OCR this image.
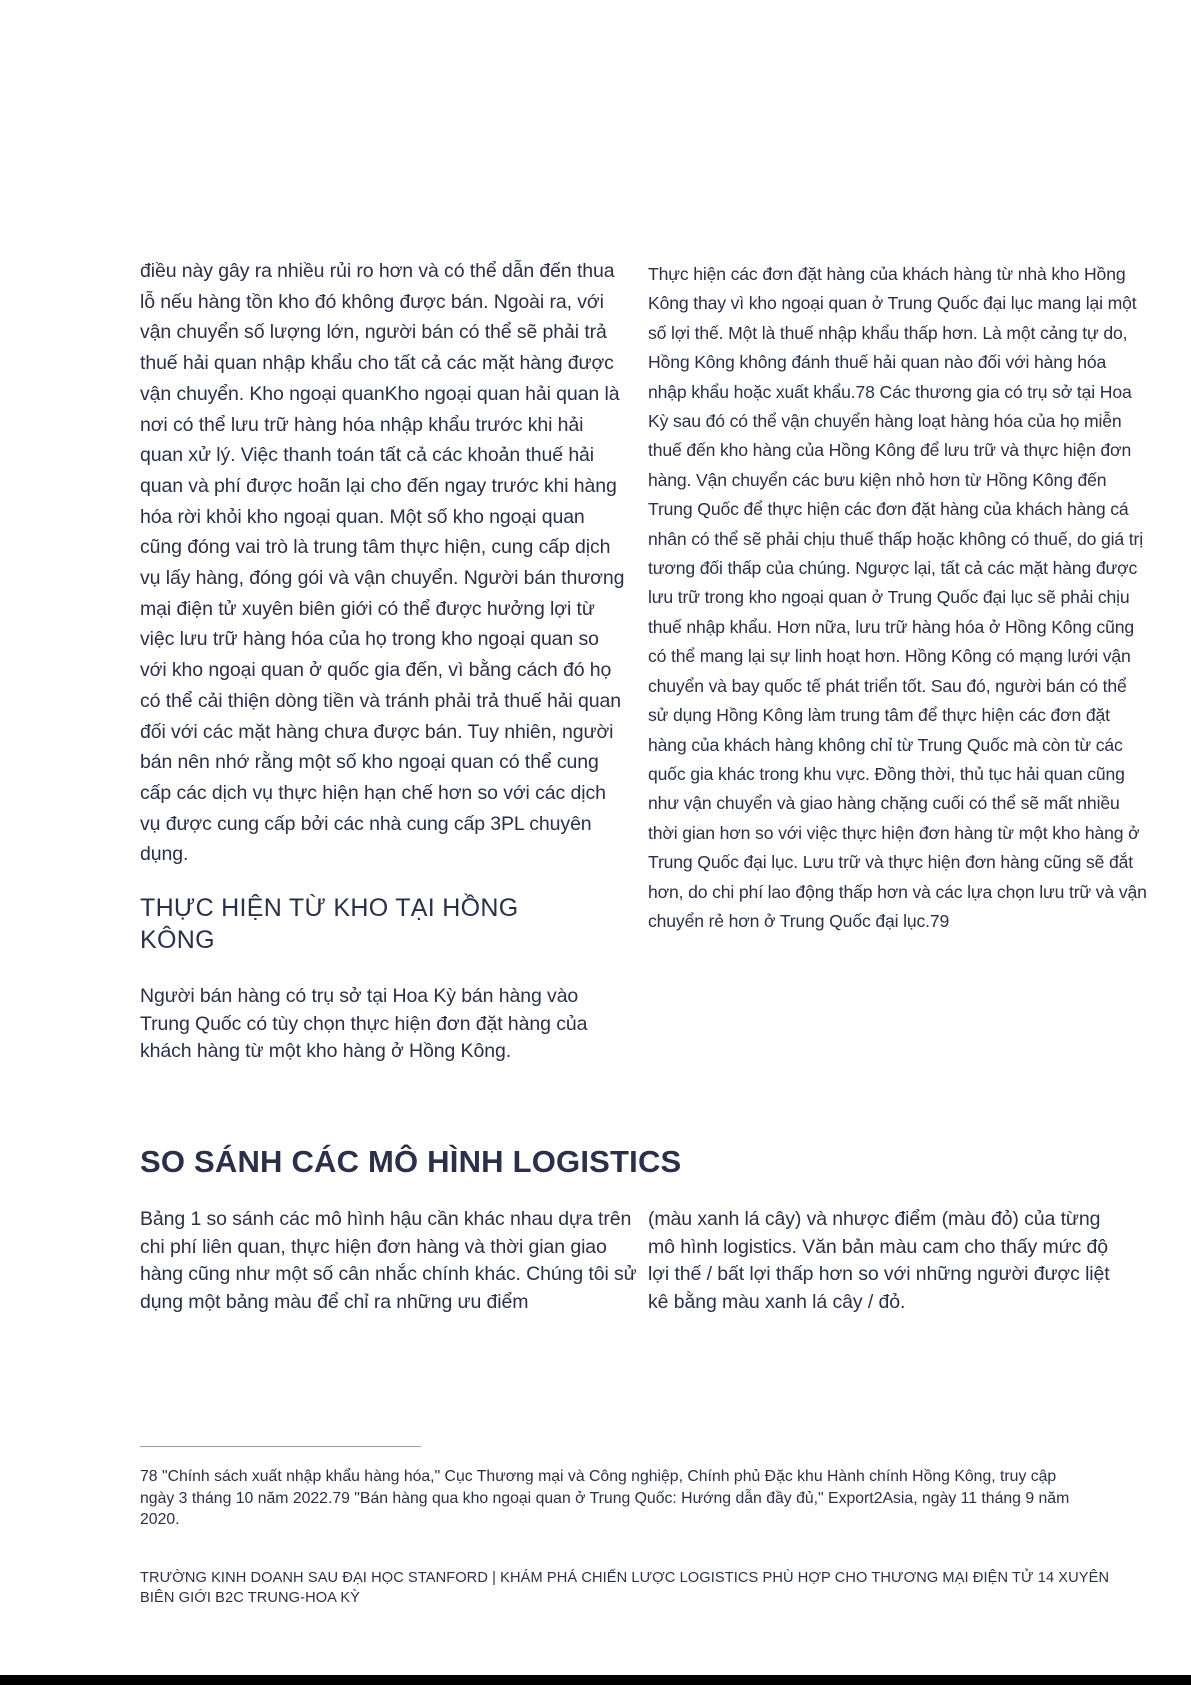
điều này gây ra nhiều rủi ro hơn và có thể dẫn đến thua lỗ nếu hàng tồn kho đó không được bán. Ngoài ra, với vận chuyển số lượng lớn, người bán có thể sẽ phải trả thuế hải quan nhập khẩu cho tất cả các mặt hàng được vận chuyển. Kho ngoại quanKho ngoại quan hải quan là nơi có thể lưu trữ hàng hóa nhập khẩu trước khi hải quan xử lý. Việc thanh toán tất cả các khoản thuế hải quan và phí được hoãn lại cho đến ngay trước khi hàng hóa rời khỏi kho ngoại quan. Một số kho ngoại quan cũng đóng vai trò là trung tâm thực hiện, cung cấp dịch vụ lấy hàng, đóng gói và vận chuyển. Người bán thương mại điện tử xuyên biên giới có thể được hưởng lợi từ việc lưu trữ hàng hóa của họ trong kho ngoại quan so với kho ngoại quan ở quốc gia đến, vì bằng cách đó họ có thể cải thiện dòng tiền và tránh phải trả thuế hải quan đối với các mặt hàng chưa được bán. Tuy nhiên, người bán nên nhớ rằng một số kho ngoại quan có thể cung cấp các dịch vụ thực hiện hạn chế hơn so với các dịch vụ được cung cấp bởi các nhà cung cấp 3PL chuyên dụng.

THỰC HIỆN TỪ KHO TẠI HỒNG KÔNG

Người bán hàng có trụ sở tại Hoa Kỳ bán hàng vào Trung Quốc có tùy chọn thực hiện đơn đặt hàng của khách hàng từ một kho hàng ở Hồng Kông.

Thực hiện các đơn đặt hàng của khách hàng từ nhà kho Hồng Kông thay vì kho ngoại quan ở Trung Quốc đại lục mang lại một số lợi thế. Một là thuế nhập khẩu thấp hơn. Là một cảng tự do, Hồng Kông không đánh thuế hải quan nào đối với hàng hóa nhập khẩu hoặc xuất khẩu.78 Các thương gia có trụ sở tại Hoa Kỳ sau đó có thể vận chuyển hàng loạt hàng hóa của họ miễn thuế đến kho hàng của Hồng Kông để lưu trữ và thực hiện đơn hàng. Vận chuyển các bưu kiện nhỏ hơn từ Hồng Kông đến Trung Quốc để thực hiện các đơn đặt hàng của khách hàng cá nhân có thể sẽ phải chịu thuế thấp hoặc không có thuế, do giá trị tương đối thấp của chúng. Ngược lại, tất cả các mặt hàng được lưu trữ trong kho ngoại quan ở Trung Quốc đại lục sẽ phải chịu thuế nhập khẩu. Hơn nữa, lưu trữ hàng hóa ở Hồng Kông cũng có thể mang lại sự linh hoạt hơn. Hồng Kông có mạng lưới vận chuyển và bay quốc tế phát triển tốt. Sau đó, người bán có thể sử dụng Hồng Kông làm trung tâm để thực hiện các đơn đặt hàng của khách hàng không chỉ từ Trung Quốc mà còn từ các quốc gia khác trong khu vực. Đồng thời, thủ tục hải quan cũng như vận chuyển và giao hàng chặng cuối có thể sẽ mất nhiều thời gian hơn so với việc thực hiện đơn hàng từ một kho hàng ở Trung Quốc đại lục. Lưu trữ và thực hiện đơn hàng cũng sẽ đắt hơn, do chi phí lao động thấp hơn và các lựa chọn lưu trữ và vận chuyển rẻ hơn ở Trung Quốc đại lục.79

SO SÁNH CÁC MÔ HÌNH LOGISTICS

Bảng 1 so sánh các mô hình hậu cần khác nhau dựa trên chi phí liên quan, thực hiện đơn hàng và thời gian giao hàng cũng như một số cân nhắc chính khác. Chúng tôi sử dụng một bảng màu để chỉ ra những ưu điểm

(màu xanh lá cây) và nhược điểm (màu đỏ) của từng mô hình logistics. Văn bản màu cam cho thấy mức độ lợi thế / bất lợi thấp hơn so với những người được liệt kê bằng màu xanh lá cây / đỏ.

78 "Chính sách xuất nhập khẩu hàng hóa," Cục Thương mại và Công nghiệp, Chính phủ Đặc khu Hành chính Hồng Kông, truy cập ngày 3 tháng 10 năm 2022.79 "Bán hàng qua kho ngoại quan ở Trung Quốc: Hướng dẫn đầy đủ," Export2Asia, ngày 11 tháng 9 năm 2020.

TRƯỜNG KINH DOANH SAU ĐẠI HỌC STANFORD | KHÁM PHÁ CHIẾN LƯỢC LOGISTICS PHÙ HỢP CHO THƯƠNG MẠI ĐIỆN TỬ 14 XUYÊN BIÊN GIỚI B2C TRUNG-HOA KỲ
